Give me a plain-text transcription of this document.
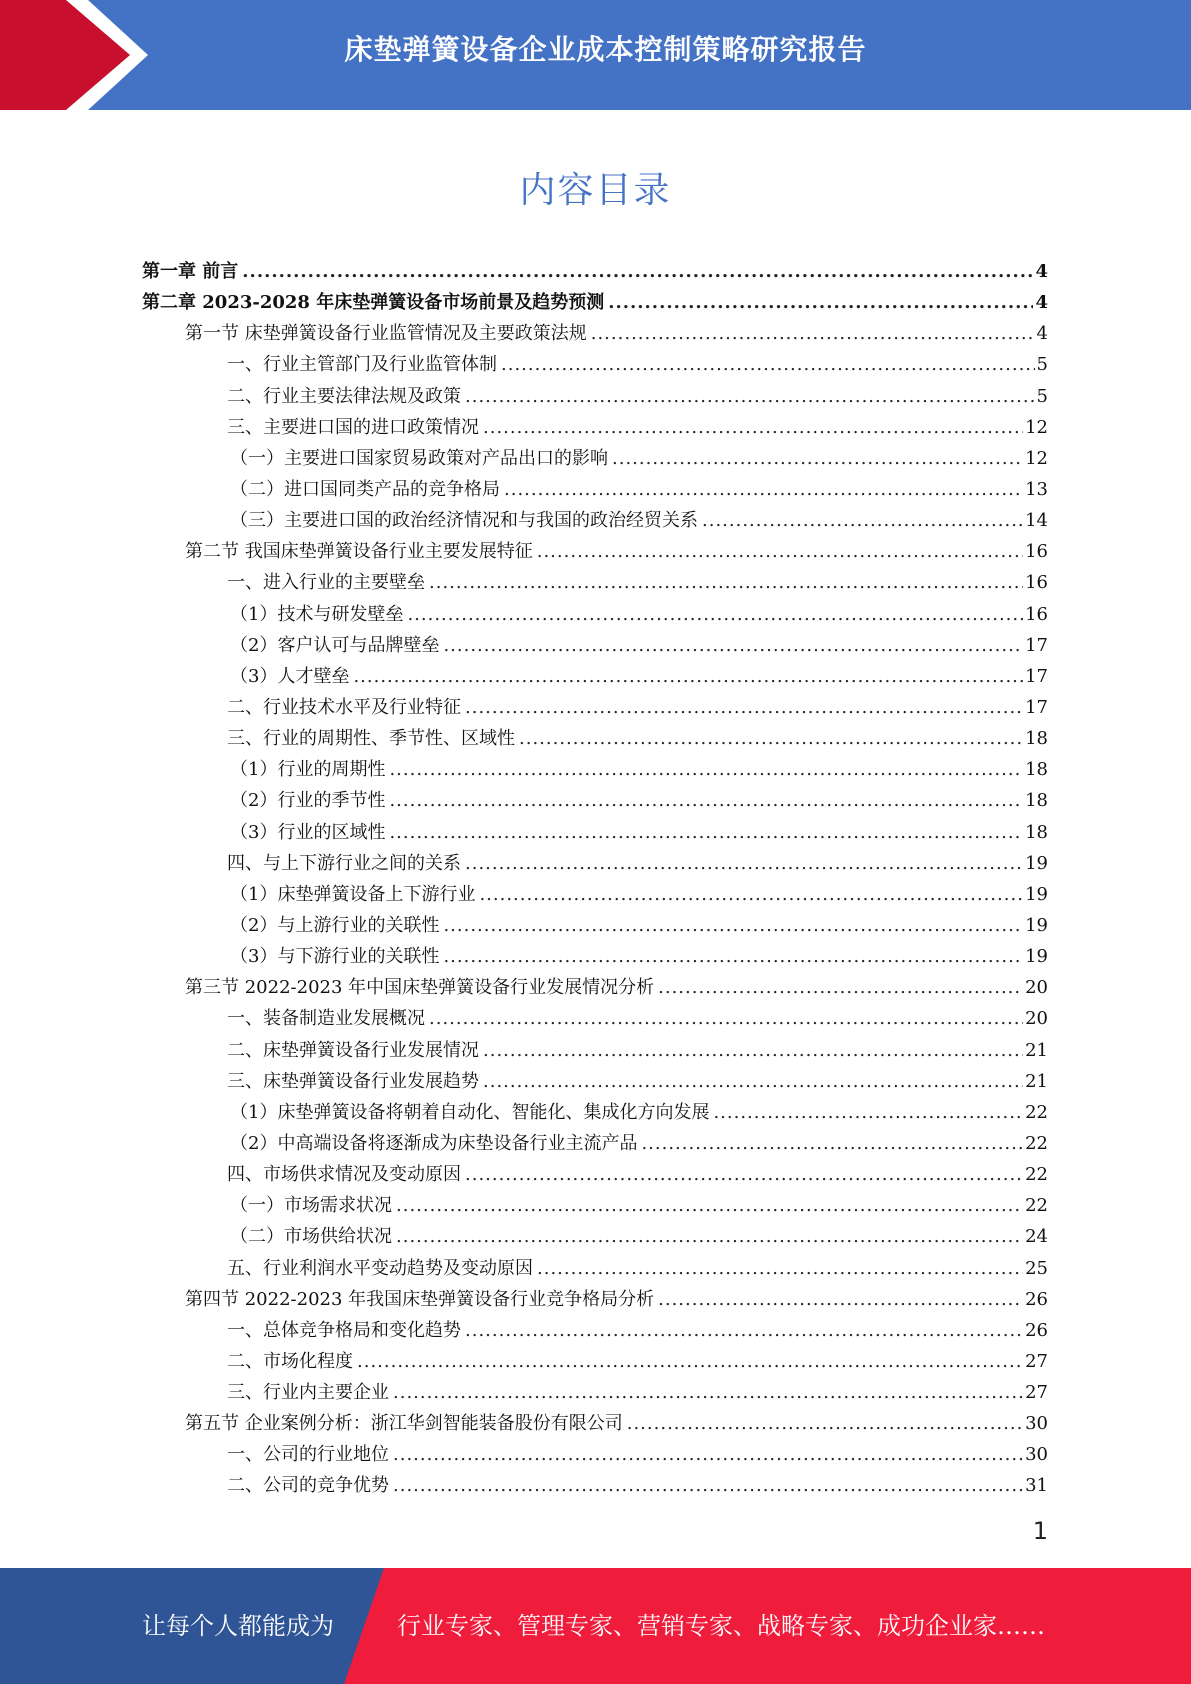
床垫弹簧设备企业成本控制策略研究报告
内容目录
第一章 前言 .....	4
第二章 2023-2028 年床垫弹簧设备市场前景及趋势预测 .....	4
第一节 床垫弹簧设备行业监管情况及主要政策法规 .....	4
一、行业主管部门及行业监管体制 .....	5
二、行业主要法律法规及政策 .....	5
三、主要进口国的进口政策情况 .....	12
（一）主要进口国家贸易政策对产品出口的影响 .....	12
（二）进口国同类产品的竞争格局 .....	13
（三）主要进口国的政治经济情况和与我国的政治经贸关系 .....	14
第二节 我国床垫弹簧设备行业主要发展特征 .....	16
一、进入行业的主要壁垒 .....	16
（1）技术与研发壁垒 .....	16
（2）客户认可与品牌壁垒 .....	17
（3）人才壁垒 .....	17
二、行业技术水平及行业特征 .....	17
三、行业的周期性、季节性、区域性 .....	18
（1）行业的周期性 .....	18
（2）行业的季节性 .....	18
（3）行业的区域性 .....	18
四、与上下游行业之间的关系 .....	19
（1）床垫弹簧设备上下游行业 .....	19
（2）与上游行业的关联性 .....	19
（3）与下游行业的关联性 .....	19
第三节 2022-2023 年中国床垫弹簧设备行业发展情况分析 .....	20
一、装备制造业发展概况 .....	20
二、床垫弹簧设备行业发展情况 .....	21
三、床垫弹簧设备行业发展趋势 .....	21
（1）床垫弹簧设备将朝着自动化、智能化、集成化方向发展 .....	22
（2）中高端设备将逐渐成为床垫设备行业主流产品 .....	22
四、市场供求情况及变动原因 .....	22
（一）市场需求状况 .....	22
（二）市场供给状况 .....	24
五、行业利润水平变动趋势及变动原因 .....	25
第四节 2022-2023 年我国床垫弹簧设备行业竞争格局分析 .....	26
一、总体竞争格局和变化趋势 .....	26
二、市场化程度 .....	27
三、行业内主要企业 .....	27
第五节 企业案例分析：浙江华剑智能装备股份有限公司 .....	30
一、公司的行业地位 .....	30
二、公司的竞争优势 .....	31
1
让每个人都能成为	行业专家、管理专家、营销专家、战略专家、成功企业家……
